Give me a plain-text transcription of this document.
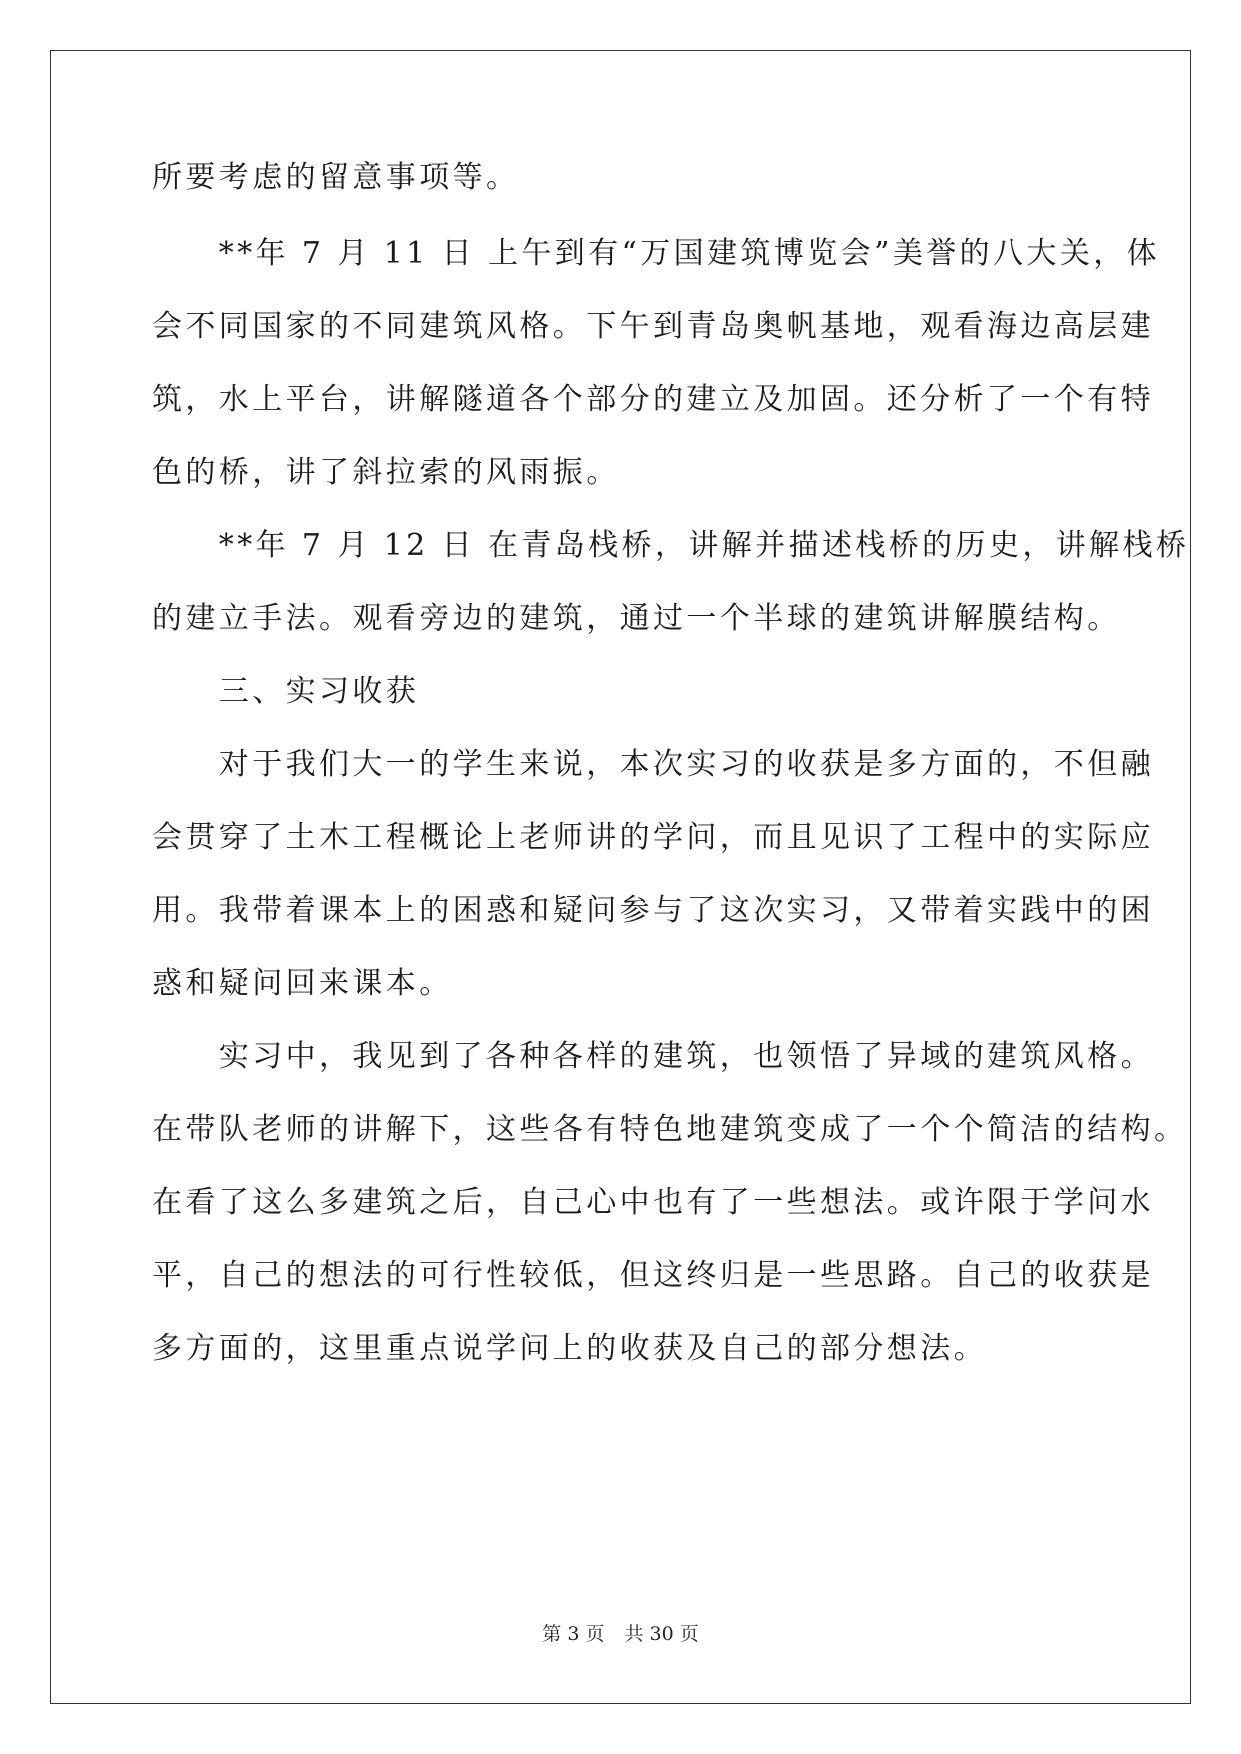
所要考虑的留意事项等。
　　**年 7 月 11 日 上午到有“万国建筑博览会”美誉的八大关，体
会不同国家的不同建筑风格。下午到青岛奥帆基地，观看海边高层建
筑，水上平台，讲解隧道各个部分的建立及加固。还分析了一个有特
色的桥，讲了斜拉索的风雨振。
　　**年 7 月 12 日 在青岛栈桥，讲解并描述栈桥的历史，讲解栈桥
的建立手法。观看旁边的建筑，通过一个半球的建筑讲解膜结构。
　　三、实习收获
　　对于我们大一的学生来说，本次实习的收获是多方面的，不但融
会贯穿了土木工程概论上老师讲的学问，而且见识了工程中的实际应
用。我带着课本上的困惑和疑问参与了这次实习，又带着实践中的困
惑和疑问回来课本。
　　实习中，我见到了各种各样的建筑，也领悟了异域的建筑风格。
在带队老师的讲解下，这些各有特色地建筑变成了一个个简洁的结构。
在看了这么多建筑之后，自己心中也有了一些想法。或许限于学问水
平，自己的想法的可行性较低，但这终归是一些思路。自己的收获是
多方面的，这里重点说学问上的收获及自己的部分想法。
第 3 页 共 30 页
